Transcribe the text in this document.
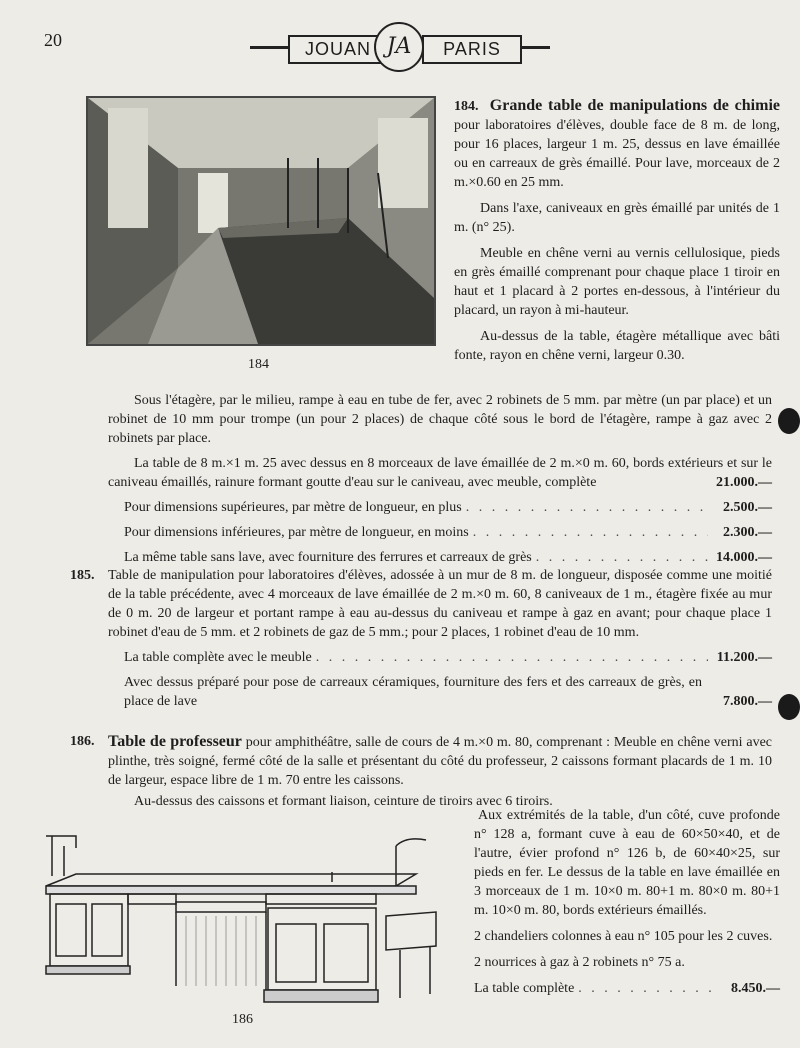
20	JOUAN JA	PARIS
184

184. Grande table de manipulations de chimie pour laboratoires d'élèves, double face de 8 m. de long, pour 16 places, largeur 1 m. 25, dessus en lave émaillée ou en carreaux de grès émaillé. Pour lave, morceaux de 2 m.×0.60 en 25 mm.

Dans l'axe, caniveaux en grès émaillé par unités de 1 m. (n° 25).

Meuble en chêne verni au vernis cellulosique, pieds en grès émaillé comprenant pour chaque place 1 tiroir en haut et 1 placard à 2 portes en-dessous, à l'intérieur du placard, un rayon à mi-hauteur.

Au-dessus de la table, étagère métallique avec bâti fonte, rayon en chêne verni, largeur 0.30.

Sous l'étagère, par le milieu, rampe à eau en tube de fer, avec 2 robinets de 5 mm. par mètre (un par place) et un robinet de 10 mm pour trompe (un pour 2 places) de chaque côté sous le bord de l'étagère, rampe à gaz avec 2 robinets par place.

La table de 8 m.×1 m. 25 avec dessus en 8 morceaux de lave émaillée de 2 m.×0 m. 60, bords extérieurs et sur le caniveau émaillés, rainure formant goutte d'eau sur le caniveau, avec meuble, complète	21.000.—

Pour dimensions supérieures, par mètre de longueur, en plus . . .	2.500.—
Pour dimensions inférieures, par mètre de longueur, en moins . . .	2.300.—
La même table sans lave, avec fourniture des ferrures et carreaux de grès . . .	14.000.—
185. Table de manipulation pour laboratoires d'élèves, adossée à un mur de 8 m. de longueur, disposée comme une moitié de la table précédente, avec 4 morceaux de lave émaillée de 2 m.×0 m. 60, 8 caniveaux de 1 m., étagère fixée au mur de 0 m. 20 de largeur et portant rampe à eau au-dessus du caniveau et rampe à gaz en avant; pour chaque place 1 robinet d'eau de 5 mm. et 2 robinets de gaz de 5 mm.; pour 2 places, 1 robinet d'eau de 10 mm.

La table complète avec le meuble . . .	11.200.—

Avec dessus préparé pour pose de carreaux céramiques, fourniture des fers et des carreaux de grès, en place de lave	7.800.—
186. Table de professeur pour amphithéâtre, salle de cours de 4 m.×0 m. 80, comprenant : Meuble en chêne verni avec plinthe, très soigné, fermé côté de la salle et présentant du côté du professeur, 2 caissons formant placards de 1 m. 10 de largeur, espace libre de 1 m. 70 entre les caissons.

Au-dessus des caissons et formant liaison, ceinture de tiroirs avec 6 tiroirs.

Aux extrémités de la table, d'un côté, cuve profonde n° 128 a, formant cuve à eau de 60×50×40, et de l'autre, évier profond n° 126 b, de 60×40×25, sur pieds en fer. Le dessus de la table en lave émaillée en 3 morceaux de 1 m. 10×0 m. 80+1 m. 80×0 m. 80+1 m. 10×0 m. 80, bords extérieurs émaillés.

2 chandeliers colonnes à eau n° 105 pour les 2 cuves.

2 nourrices à gaz à 2 robinets n° 75 a.

La table complète . . .	8.450.—
186
